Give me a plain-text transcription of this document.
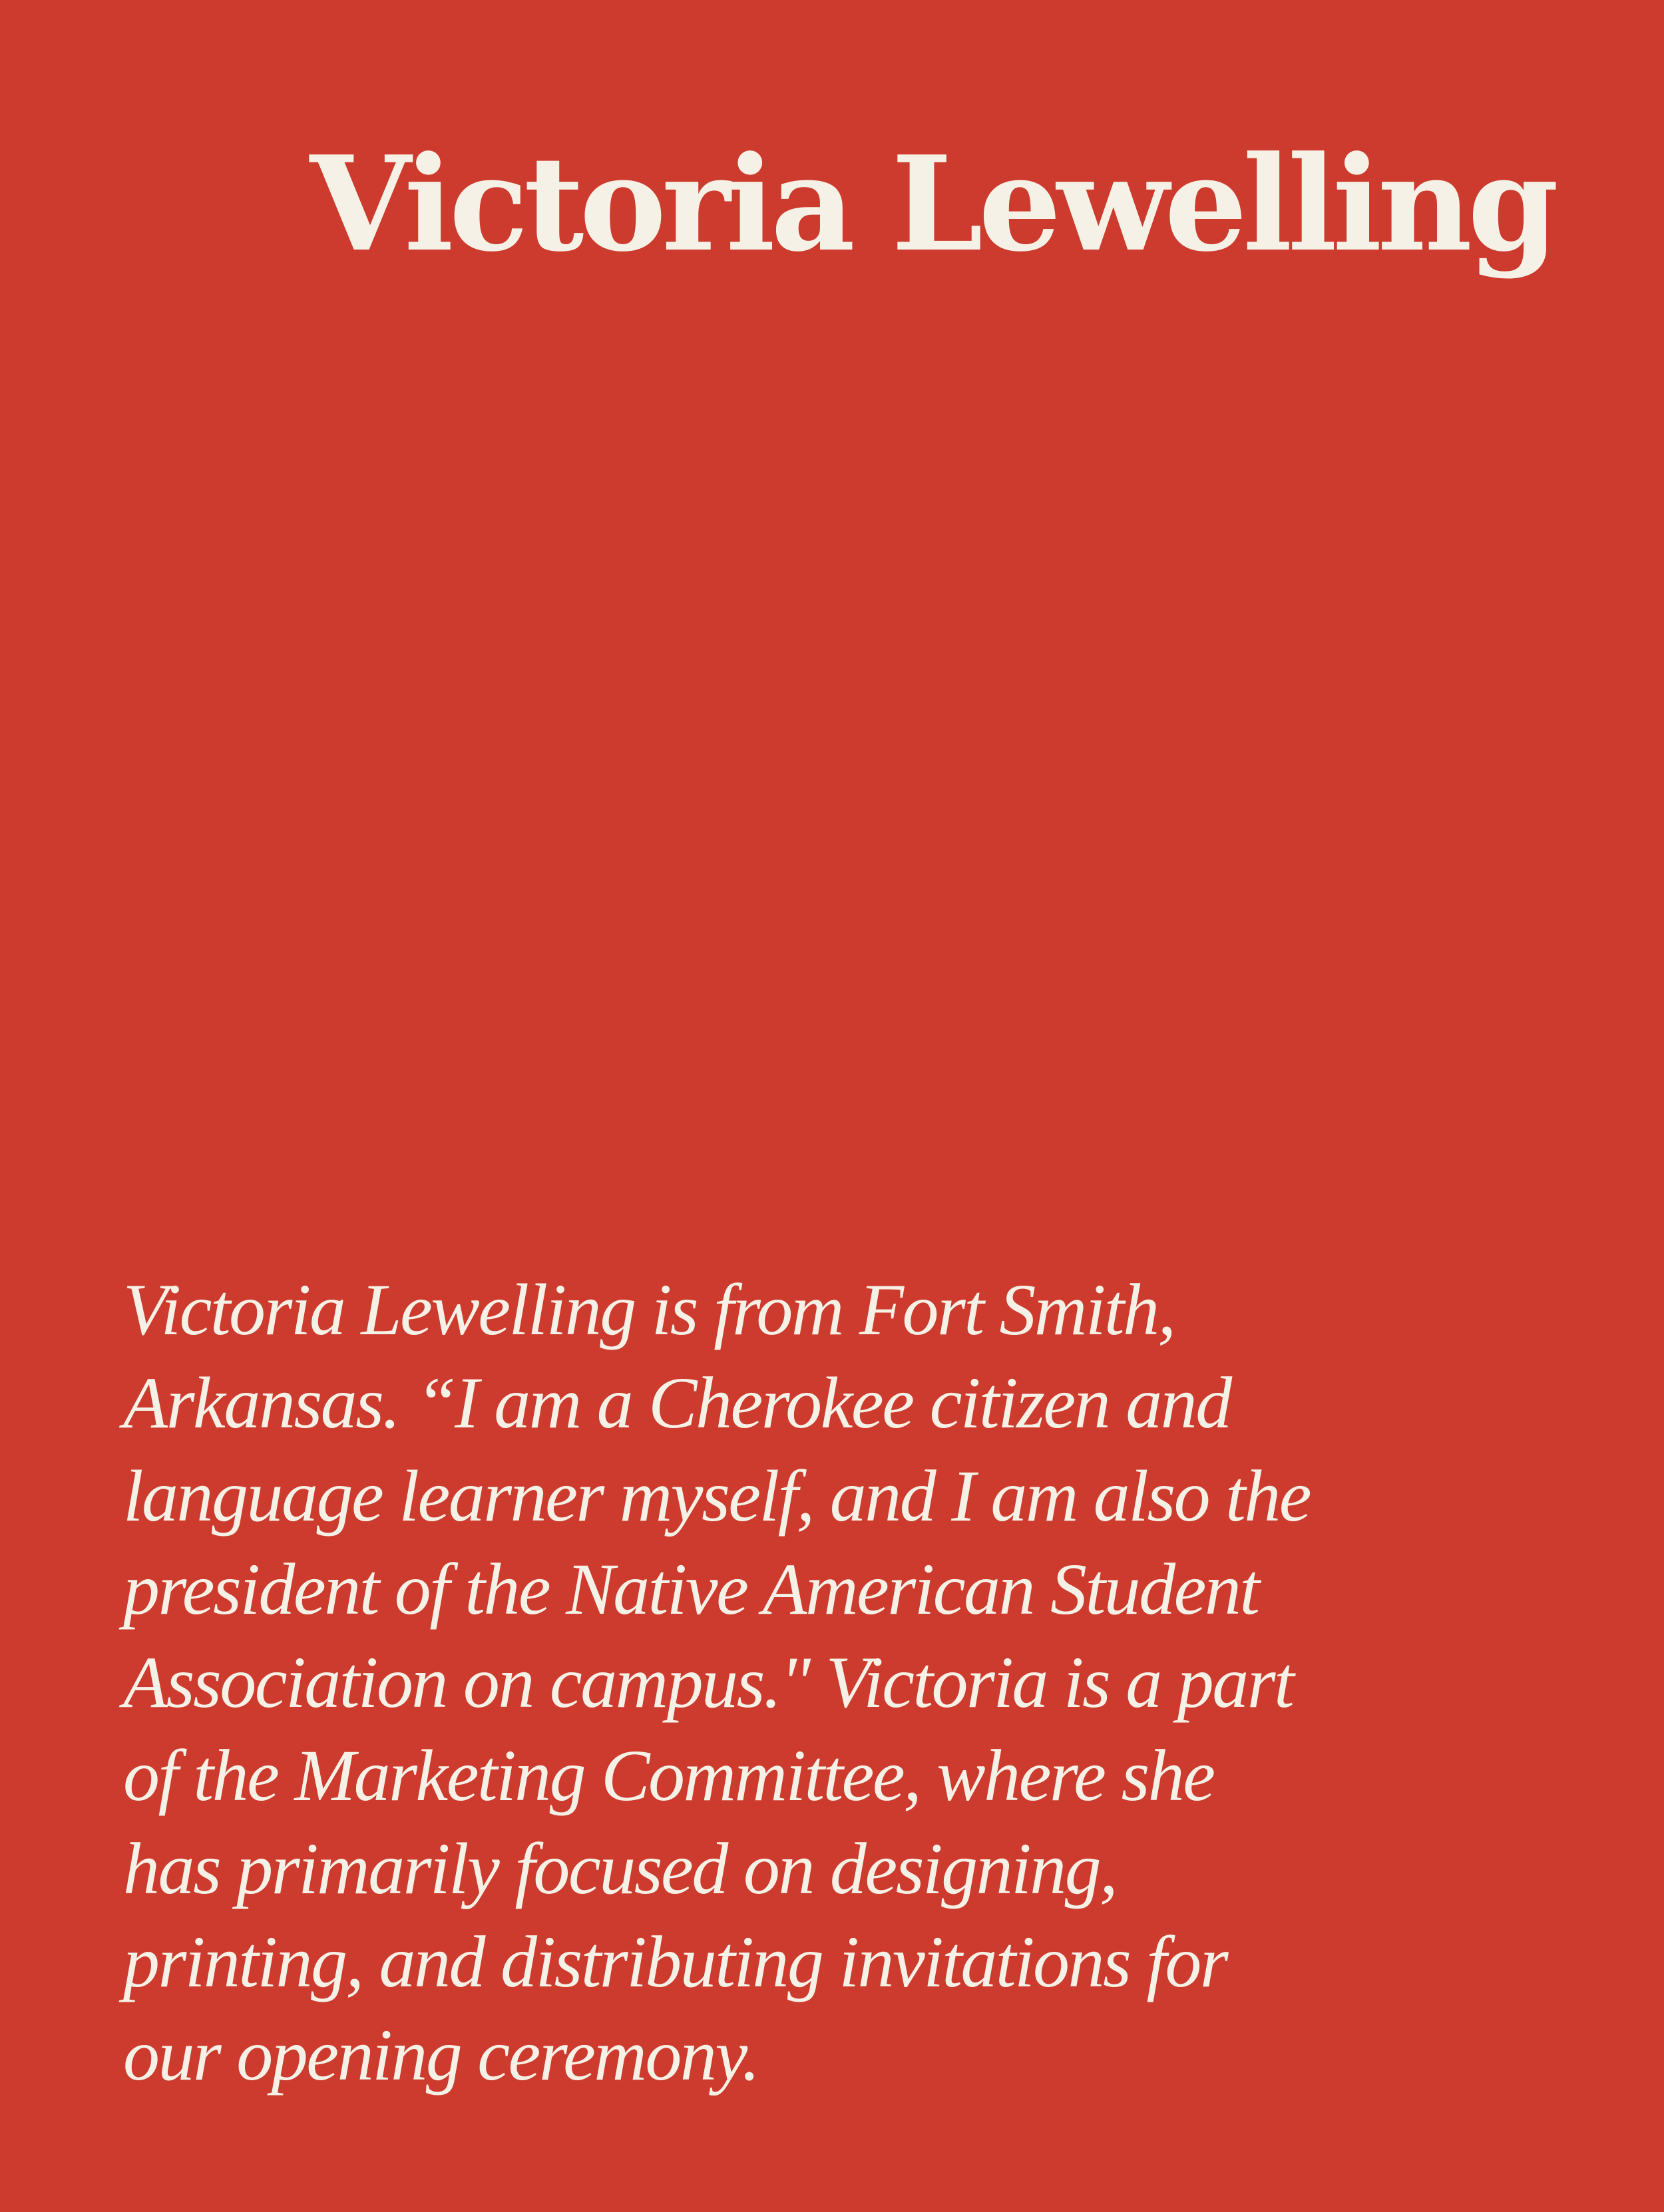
Victoria Lewelling

Victoria Lewelling is from Fort Smith,
Arkansas. “I am a Cherokee citizen and
language learner myself, and I am also the
president of the Native American Student
Association on campus." Victoria is a part
of the Marketing Committee, where she
has primarily focused on designing,
printing, and distributing invitations for
our opening ceremony.
